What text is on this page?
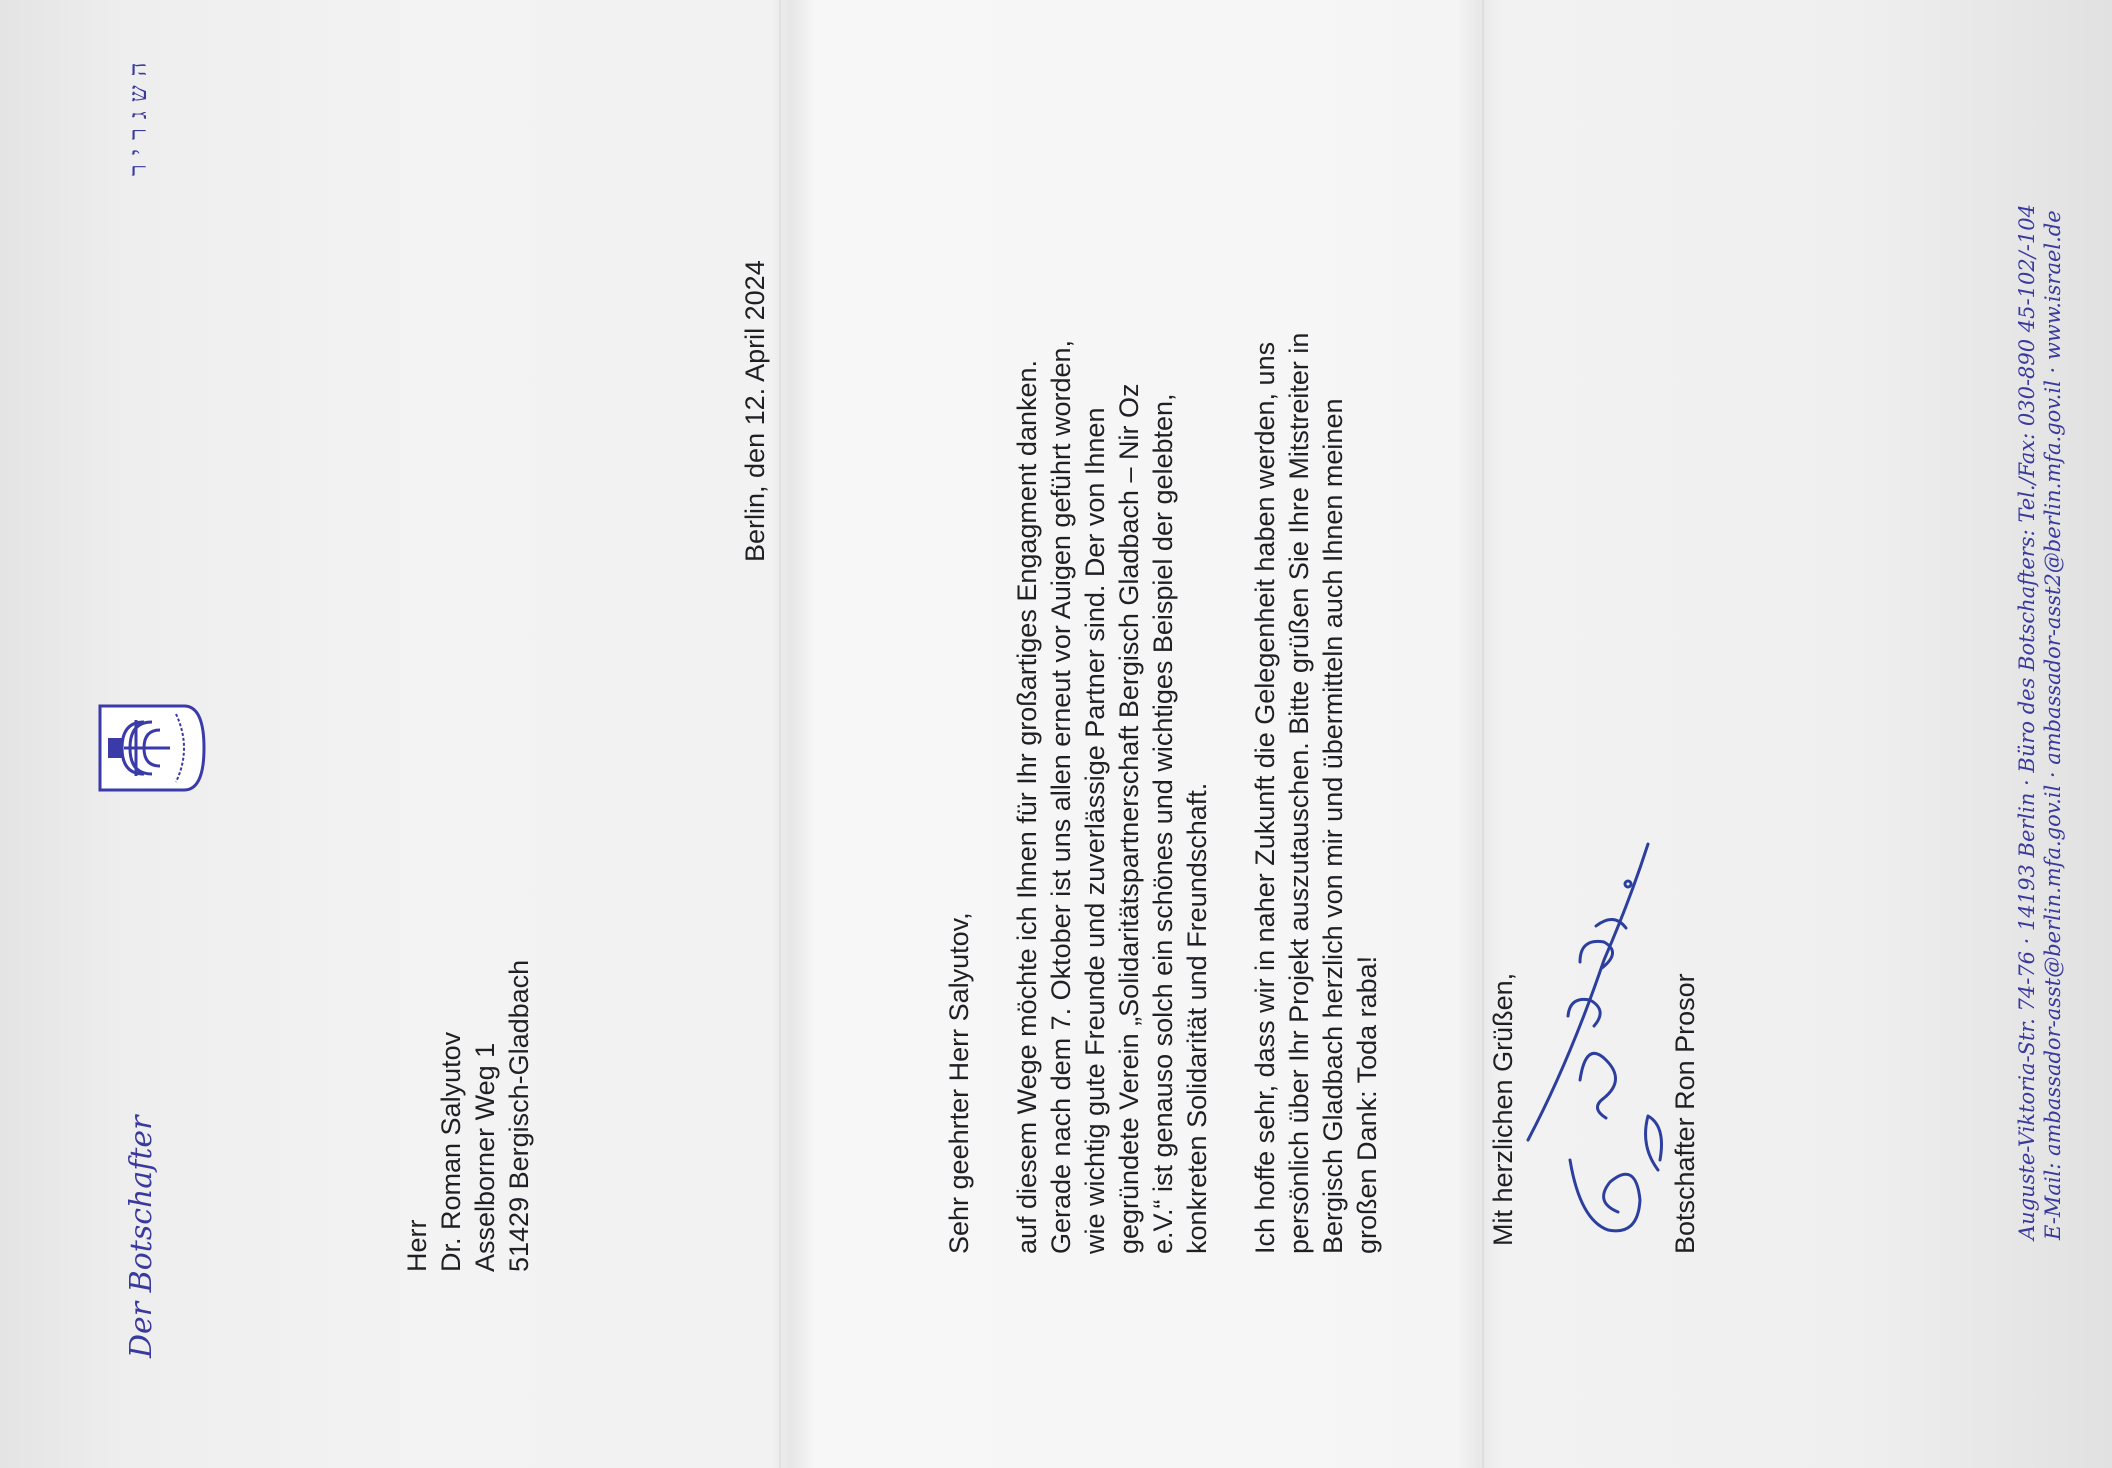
השגריר
Der Botschafter	Herr Dr. Roman Salyutov Asselborner Weg 1 51429 Bergisch-Gladbach
Berlin, den 12. April 2024
Sehr geehrter Herr Salyutov, auf diesem Wege möchte ich Ihnen für Ihr großartiges Engagment danken. Gerade nach dem 7. Oktober ist uns allen erneut vor Auigen geführt worden, wie wichtig gute Freunde und zuverlässige Partner sind. Der von Ihnen gegründete Verein „Solidaritätspartnerschaft Bergisch Gladbach – Nir Oz e.V.“ ist genauso solch ein schönes und wichtiges Beispiel der gelebten, konkreten Solidarität und Freundschaft. Ich hoffe sehr, dass wir in naher Zukunft die Gelegenheit haben werden, uns persönlich über Ihr Projekt auszutauschen. Bitte grüßen Sie Ihre Mitstreiter in Bergisch Gladbach herzlich von mir und übermitteln auch Ihnen meinen großen Dank: Toda raba!	Mit herzlichen Grüßen,	Botschafter Ron Prosor	Auguste-Viktoria-Str. 74-76 · 14193 Berlin · Büro des Botschafters: Tel./Fax: 030-890 45-102/-104 E-Mail: ambassador-asst@berlin.mfa.gov.il · ambassador-asst2@berlin.mfa.gov.il · www.israel.de
